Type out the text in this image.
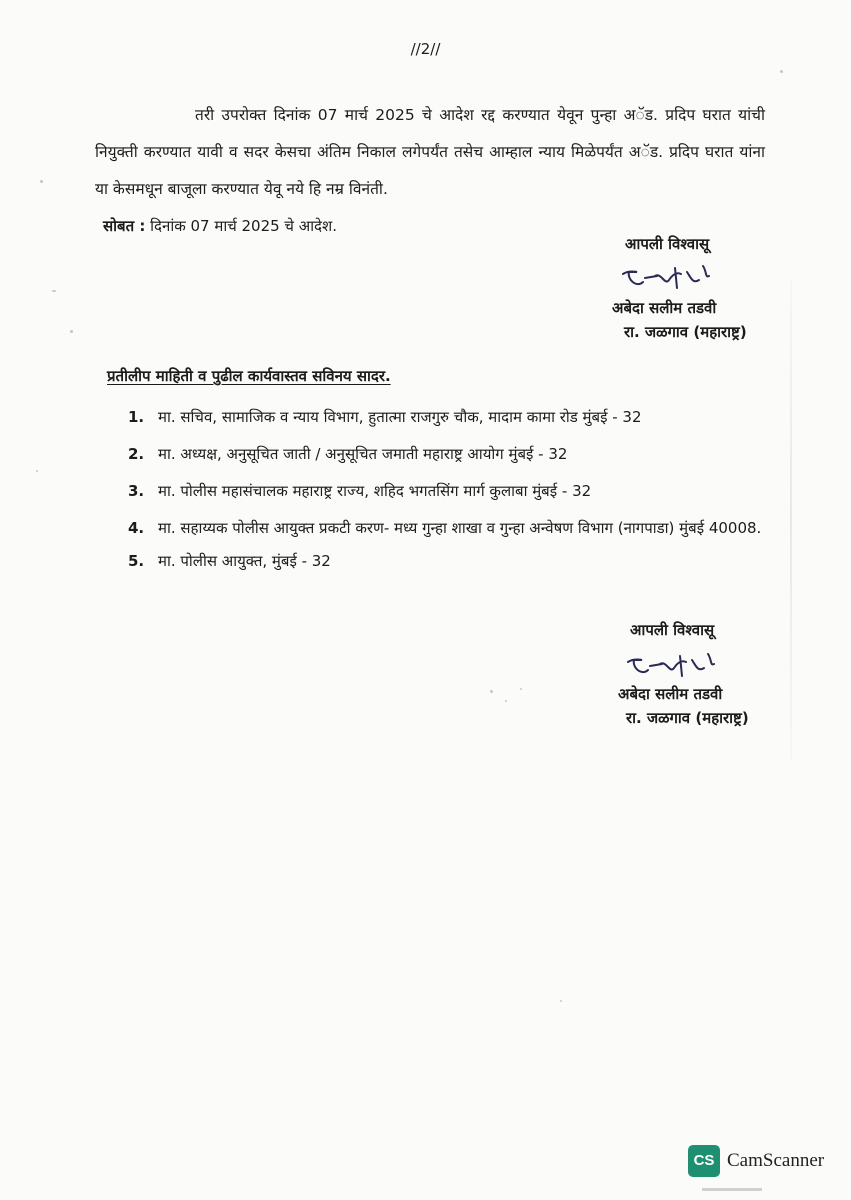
//2//

तरी उपरोक्त दिनांक 07 मार्च 2025 चे आदेश रद्द करण्यात येवून पुन्हा अॅड. प्रदिप घरात यांची नियुक्ती करण्यात यावी व सदर केसचा अंतिम निकाल लगेपर्यंत तसेच आम्हाल न्याय मिळेपर्यंत अॅड. प्रदिप घरात यांना या केसमधून बाजूला करण्यात येवू नये हि नम्र विनंती.

सोबत : दिनांक 07 मार्च 2025 चे आदेश.
आपली विश्वासू
अबेदा
अबेदा सलीम तडवी
रा. जळगाव (महाराष्ट्र)
प्रतीलीप माहिती व पुढील कार्यवास्तव सविनय सादर.
1. मा. सचिव, सामाजिक व न्याय विभाग, हुतात्मा राजगुरु चौक, मादाम कामा रोड मुंबई - 32
2. मा. अध्यक्ष, अनुसूचित जाती / अनुसूचित जमाती महाराष्ट्र आयोग मुंबई - 32
3. मा. पोलीस महासंचालक महाराष्ट्र राज्य, शहिद भगतसिंग मार्ग कुलाबा मुंबई - 32
4. मा. सहाय्यक पोलीस आयुक्त प्रकटी करण- मध्य गुन्हा शाखा व गुन्हा अन्वेषण विभाग (नागपाडा) मुंबई 40008.
5. मा. पोलीस आयुक्त, मुंबई - 32
आपली विश्वासू
अबेदा
अबेदा सलीम तडवी
रा. जळगाव (महाराष्ट्र)
CS CamScanner
